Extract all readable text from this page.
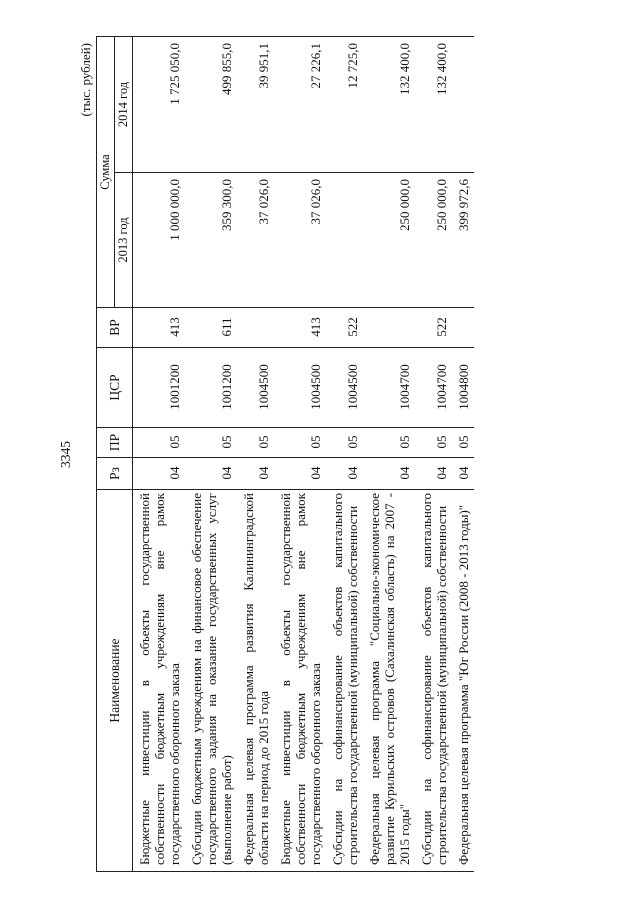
3345
(тыс. рублей)
Наименование	Рз	ПР	ЦСР	ВР	Сумма	
					2013 год	2014 год
Бюджетные инвестиции в объекты государственной собственности бюджетным учреждениям вне рамок государственного оборонного заказа	04	05	1001200	413	1 000 000,0	1 725 050,0
Субсидии бюджетным учреждениям на финансовое обеспечение государственного задания на оказание государственных услуг (выполнение работ)	04	05	1001200	611	359 300,0	499 855,0
Федеральная целевая программа развития Калининградской области на период до 2015 года	04	05	1004500		37 026,0	39 951,1
Бюджетные инвестиции в объекты государственной собственности бюджетным учреждениям вне рамок государственного оборонного заказа	04	05	1004500	413	37 026,0	27 226,1
Субсидии на софинансирование объектов капитального строительства государственной (муниципальной) собственности	04	05	1004500	522		12 725,0
Федеральная целевая программа "Социально-экономическое развитие Курильских островов (Сахалинская область) на 2007 - 2015 годы"	04	05	1004700		250 000,0	132 400,0
Субсидии на софинансирование объектов капитального строительства государственной (муниципальной) собственности	04	05	1004700	522	250 000,0	132 400,0
Федеральная целевая программа "Юг России (2008 - 2013 годы)"	04	05	1004800		399 972,6	
